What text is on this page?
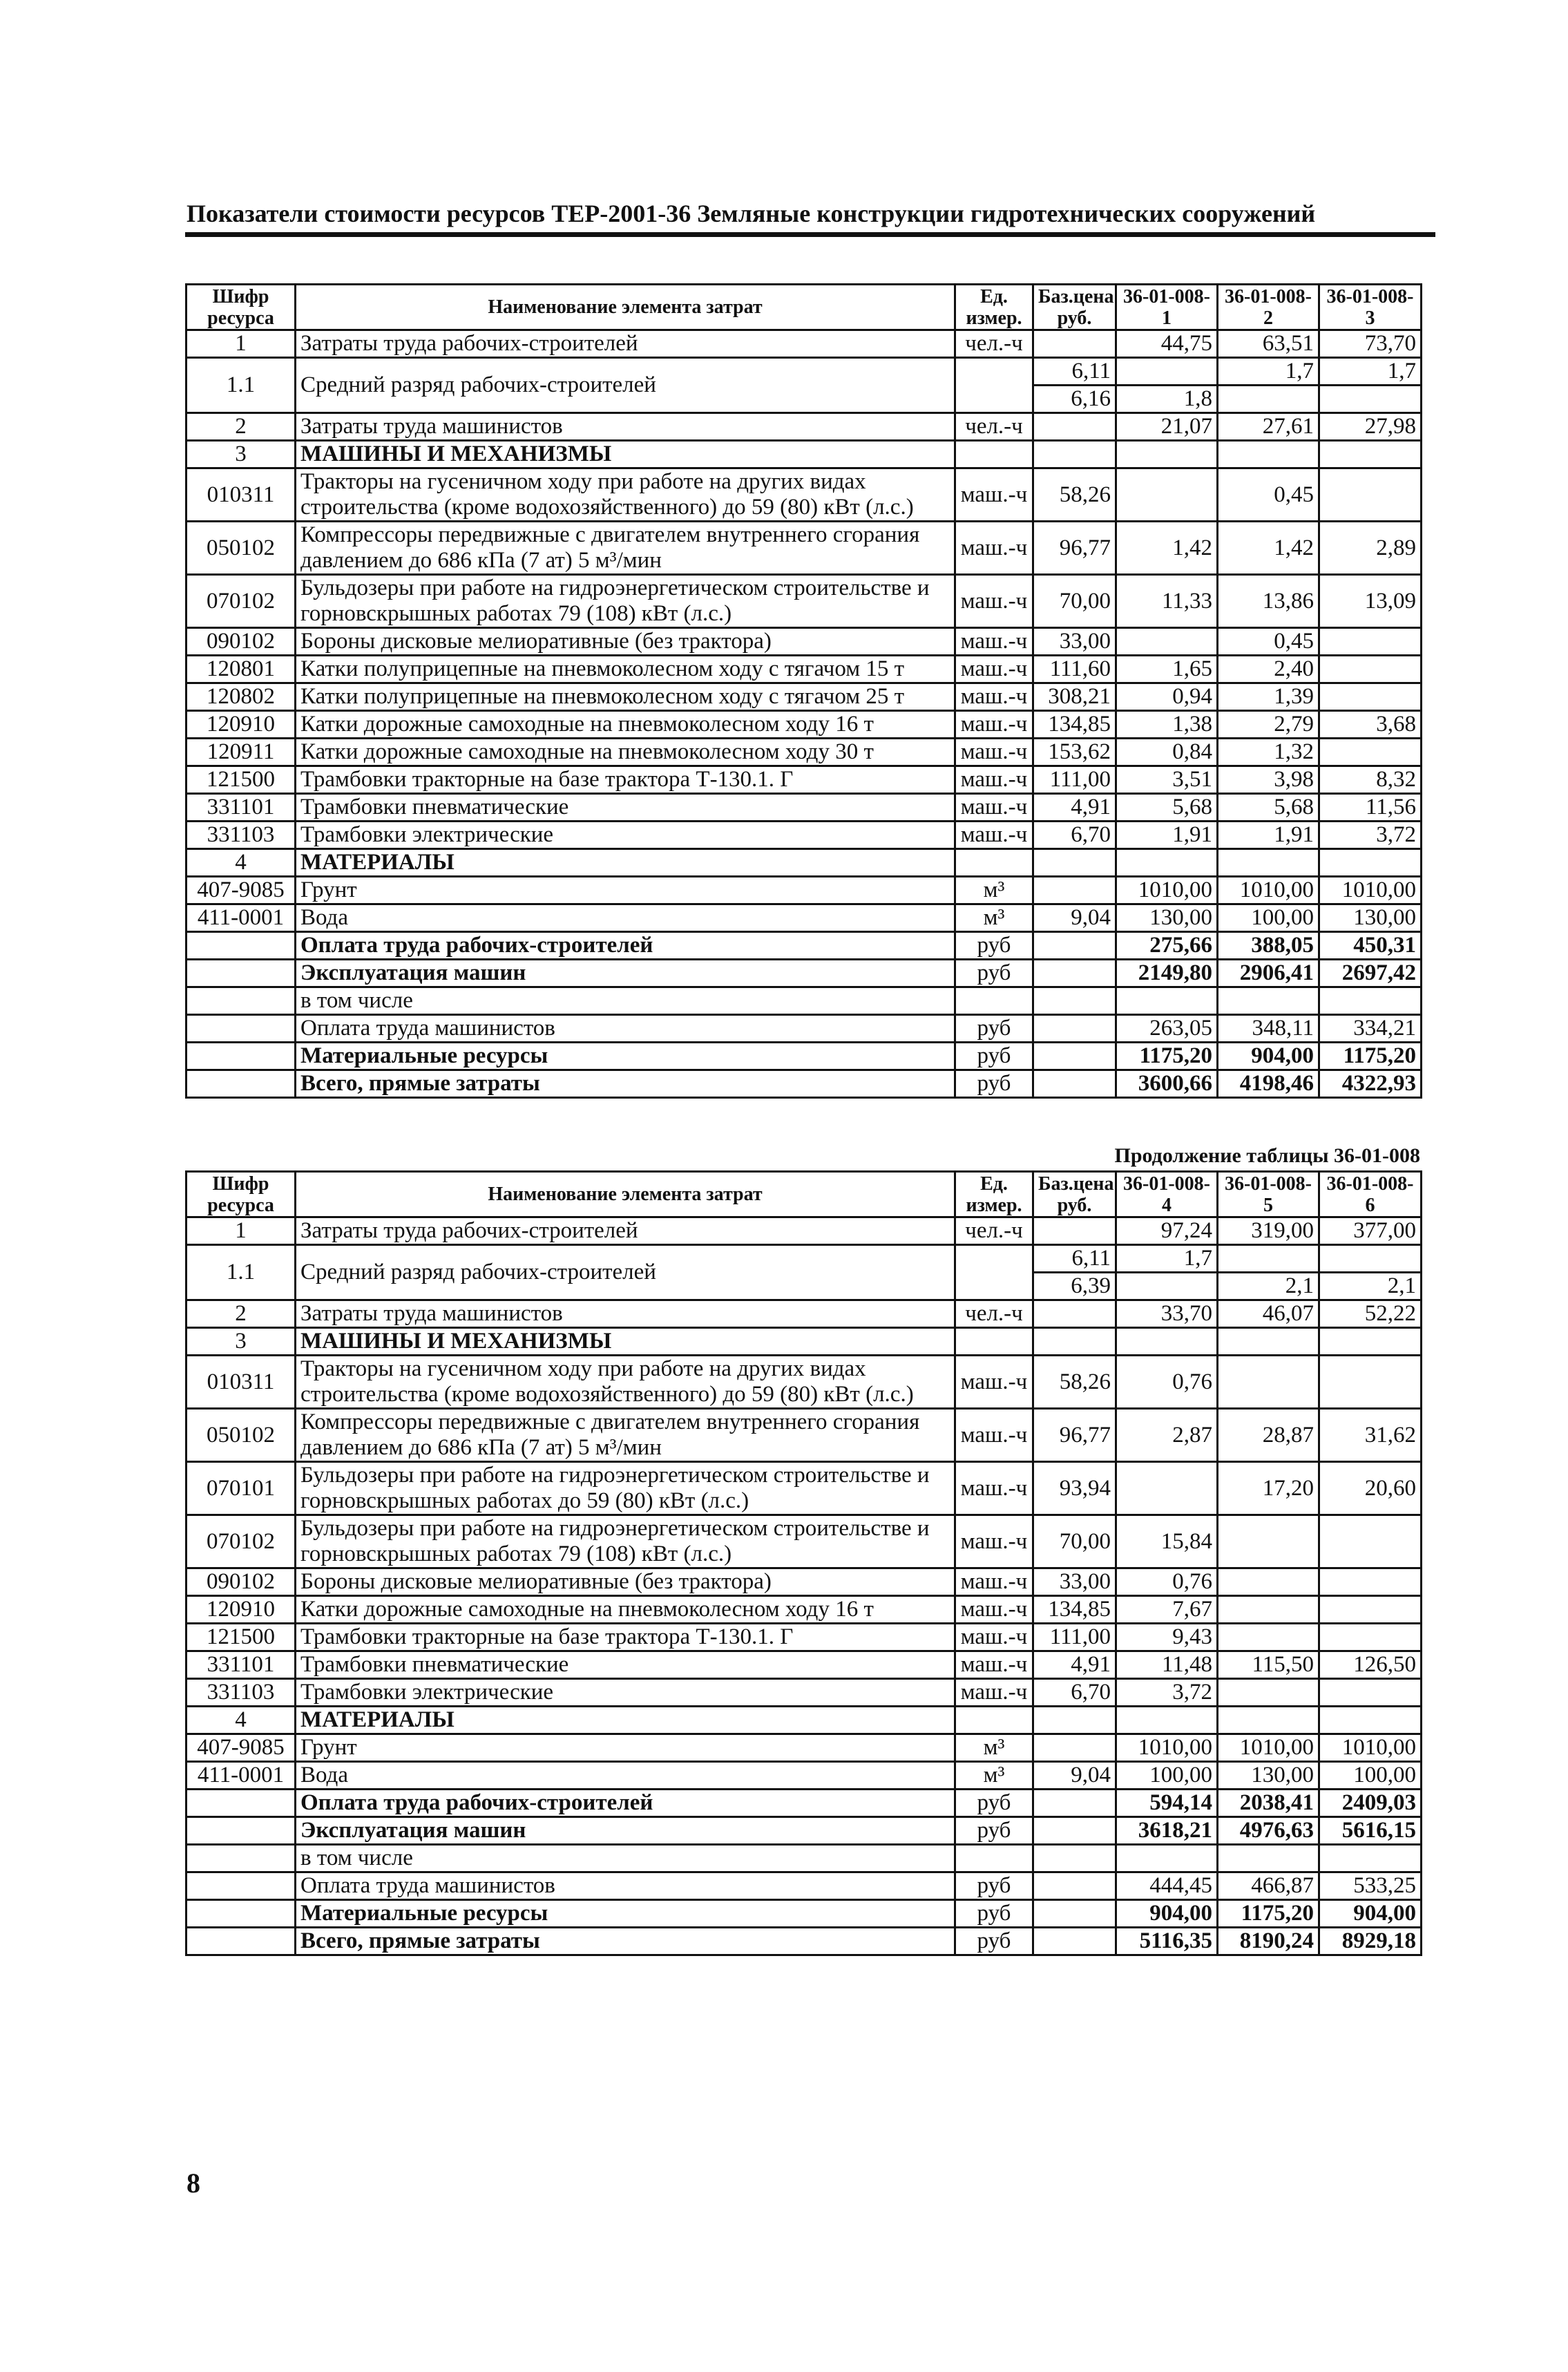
Показатели стоимости ресурсов ТЕР-2001-36 Земляные конструкции гидротехнических сооружений
Шифр ресурса	Наименование элемента затрат	Ед. измер.	Баз.цена руб.	36-01-008-1	36-01-008-2	36-01-008-3
1	Затраты труда рабочих-строителей	чел.-ч		44,75	63,51	73,70
1.1	Средний разряд рабочих-строителей		6,11		1,7	1,7
			6,16	1,8		
2	Затраты труда машинистов	чел.-ч		21,07	27,61	27,98
3	МАШИНЫ И МЕХАНИЗМЫ					
010311	Тракторы на гусеничном ходу при работе на других видах строительства (кроме водохозяйственного) до 59 (80) кВт (л.с.)	маш.-ч	58,26		0,45	
050102	Компрессоры передвижные с двигателем внутреннего сгорания давлением до 686 кПа (7 ат) 5 м³/мин	маш.-ч	96,77	1,42	1,42	2,89
070102	Бульдозеры при работе на гидроэнергетическом строительстве и горновскрышных работах 79 (108) кВт (л.с.)	маш.-ч	70,00	11,33	13,86	13,09
090102	Бороны дисковые мелиоративные (без трактора)	маш.-ч	33,00		0,45	
120801	Катки полуприцепные на пневмоколесном ходу с тягачом 15 т	маш.-ч	111,60	1,65	2,40	
120802	Катки полуприцепные на пневмоколесном ходу с тягачом 25 т	маш.-ч	308,21	0,94	1,39	
120910	Катки дорожные самоходные на пневмоколесном ходу 16 т	маш.-ч	134,85	1,38	2,79	3,68
120911	Катки дорожные самоходные на пневмоколесном ходу 30 т	маш.-ч	153,62	0,84	1,32	
121500	Трамбовки тракторные на базе трактора Т-130.1. Г	маш.-ч	111,00	3,51	3,98	8,32
331101	Трамбовки пневматические	маш.-ч	4,91	5,68	5,68	11,56
331103	Трамбовки электрические	маш.-ч	6,70	1,91	1,91	3,72
4	МАТЕРИАЛЫ					
407-9085	Грунт	м³		1010,00	1010,00	1010,00
411-0001	Вода	м³	9,04	130,00	100,00	130,00
	Оплата труда рабочих-строителей	руб		275,66	388,05	450,31
	Эксплуатация машин	руб		2149,80	2906,41	2697,42
	в том числе					
	Оплата труда машинистов	руб		263,05	348,11	334,21
	Материальные ресурсы	руб		1175,20	904,00	1175,20
	Всего, прямые затраты	руб		3600,66	4198,46	4322,93
Продолжение таблицы 36-01-008
Шифр ресурса	Наименование элемента затрат	Ед. измер.	Баз.цена руб.	36-01-008-4	36-01-008-5	36-01-008-6
1	Затраты труда рабочих-строителей	чел.-ч		97,24	319,00	377,00
1.1	Средний разряд рабочих-строителей		6,11	1,7		
			6,39		2,1	2,1
2	Затраты труда машинистов	чел.-ч		33,70	46,07	52,22
3	МАШИНЫ И МЕХАНИЗМЫ					
010311	Тракторы на гусеничном ходу при работе на других видах строительства (кроме водохозяйственного) до 59 (80) кВт (л.с.)	маш.-ч	58,26	0,76		
050102	Компрессоры передвижные с двигателем внутреннего сгорания давлением до 686 кПа (7 ат) 5 м³/мин	маш.-ч	96,77	2,87	28,87	31,62
070101	Бульдозеры при работе на гидроэнергетическом строительстве и горновскрышных работах до 59 (80) кВт (л.с.)	маш.-ч	93,94		17,20	20,60
070102	Бульдозеры при работе на гидроэнергетическом строительстве и горновскрышных работах 79 (108) кВт (л.с.)	маш.-ч	70,00	15,84		
090102	Бороны дисковые мелиоративные (без трактора)	маш.-ч	33,00	0,76		
120910	Катки дорожные самоходные на пневмоколесном ходу 16 т	маш.-ч	134,85	7,67		
121500	Трамбовки тракторные на базе трактора Т-130.1. Г	маш.-ч	111,00	9,43		
331101	Трамбовки пневматические	маш.-ч	4,91	11,48	115,50	126,50
331103	Трамбовки электрические	маш.-ч	6,70	3,72		
4	МАТЕРИАЛЫ					
407-9085	Грунт	м³		1010,00	1010,00	1010,00
411-0001	Вода	м³	9,04	100,00	130,00	100,00
	Оплата труда рабочих-строителей	руб		594,14	2038,41	2409,03
	Эксплуатация машин	руб		3618,21	4976,63	5616,15
	в том числе					
	Оплата труда машинистов	руб		444,45	466,87	533,25
	Материальные ресурсы	руб		904,00	1175,20	904,00
	Всего, прямые затраты	руб		5116,35	8190,24	8929,18
8
